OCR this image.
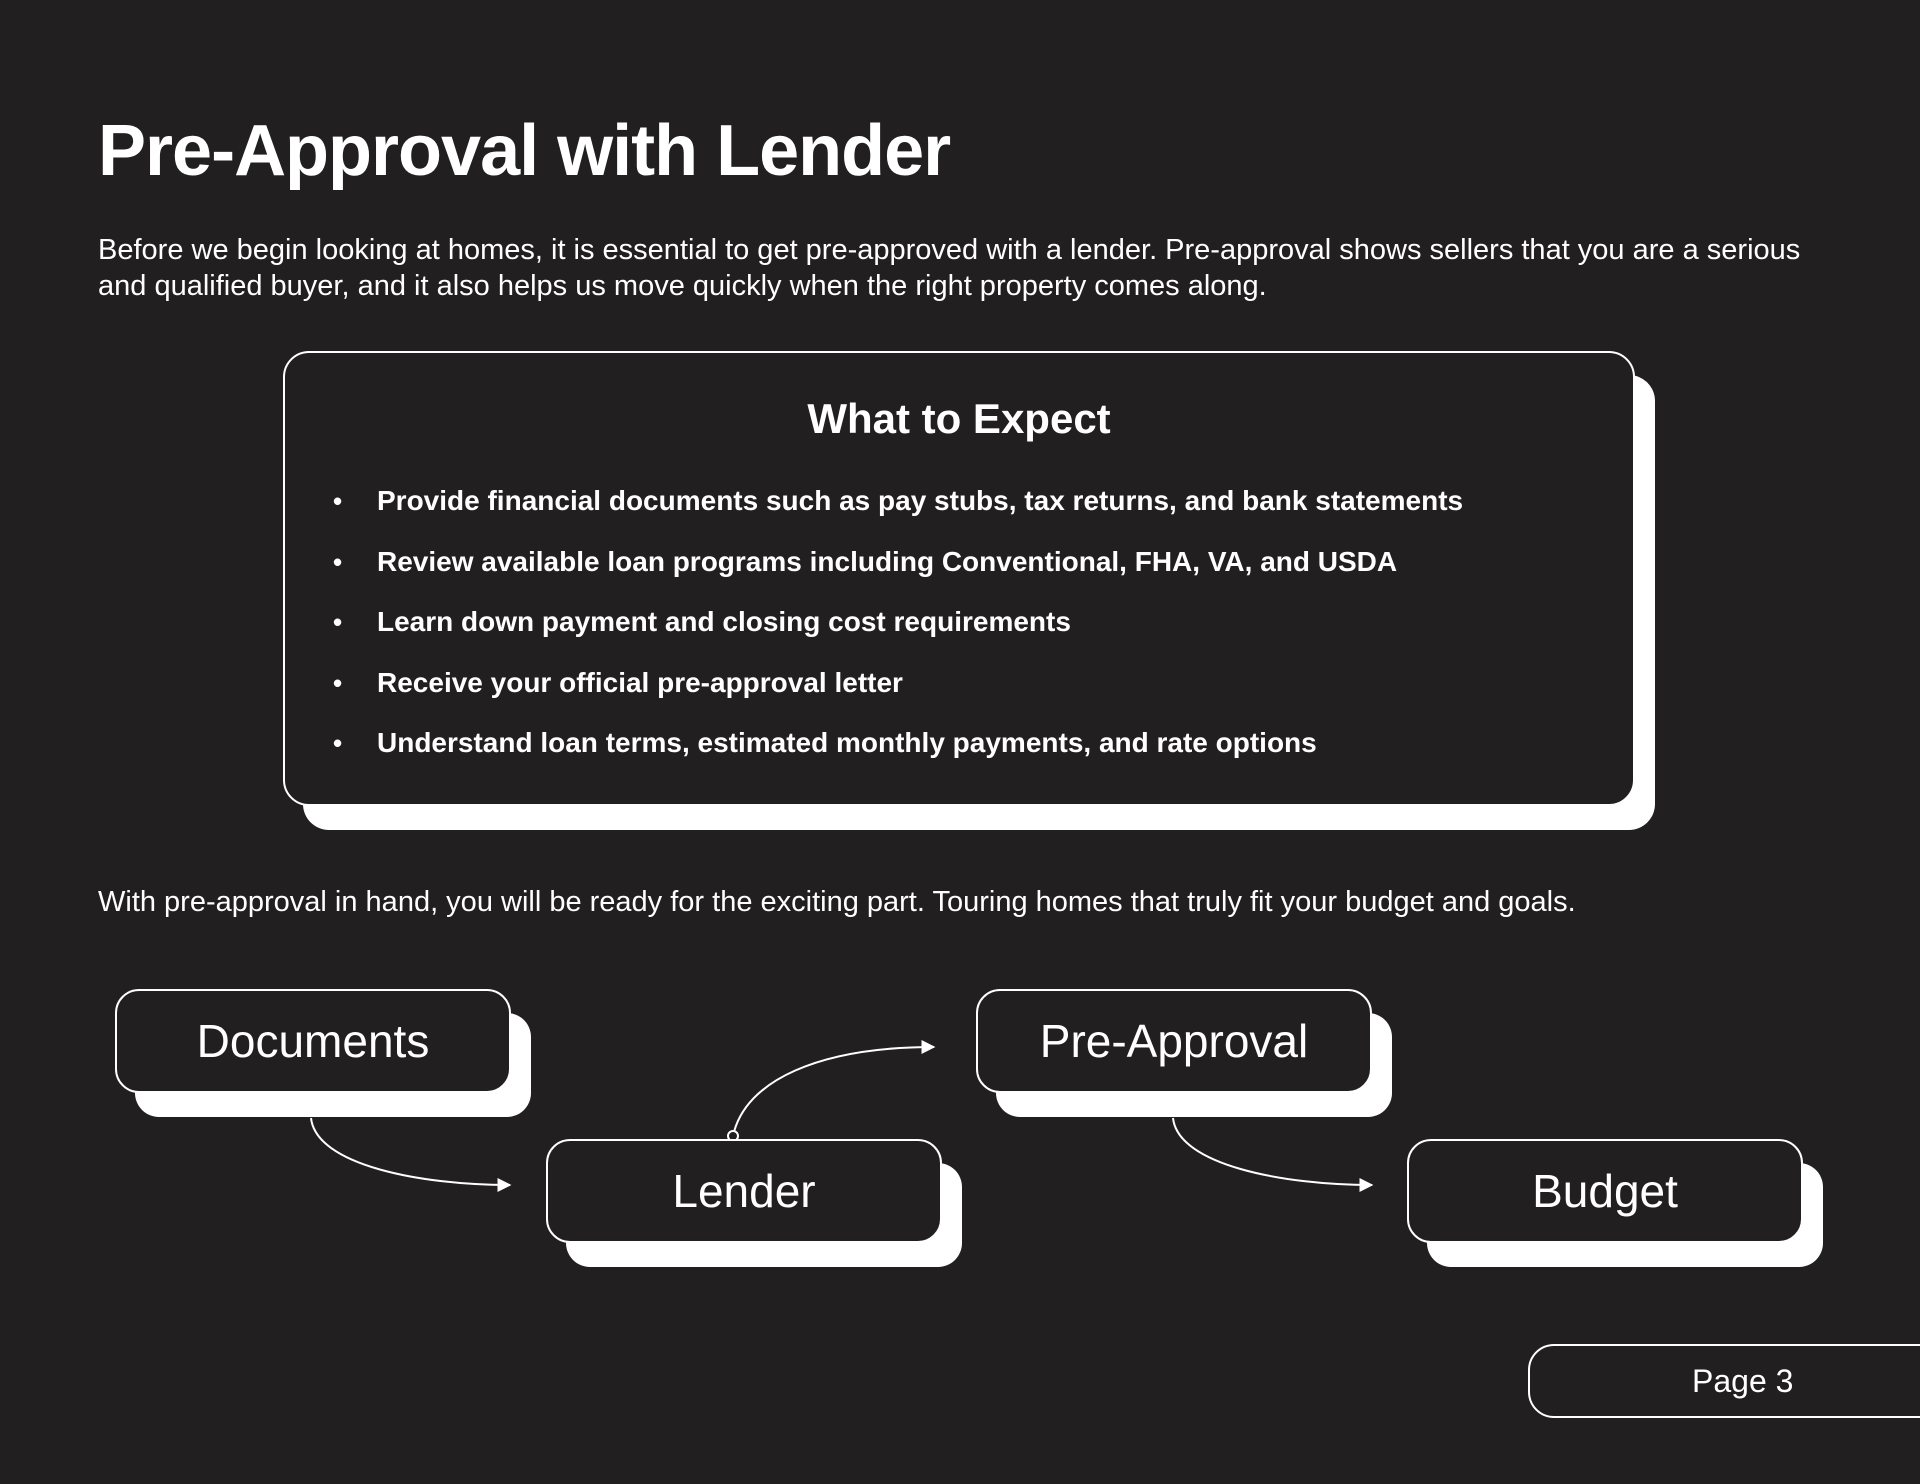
Pre-Approval with Lender

Before we begin looking at homes, it is essential to get pre-approved with a lender. Pre-approval shows sellers that you are a serious and qualified buyer, and it also helps us move quickly when the right property comes along.

What to Expect
• Provide financial documents such as pay stubs, tax returns, and bank statements
• Review available loan programs including Conventional, FHA, VA, and USDA
• Learn down payment and closing cost requirements
• Receive your official pre-approval letter
• Understand loan terms, estimated monthly payments, and rate options

With pre-approval in hand, you will be ready for the exciting part. Touring homes that truly fit your budget and goals.

Documents
Lender
Pre-Approval
Budget
Page 3
